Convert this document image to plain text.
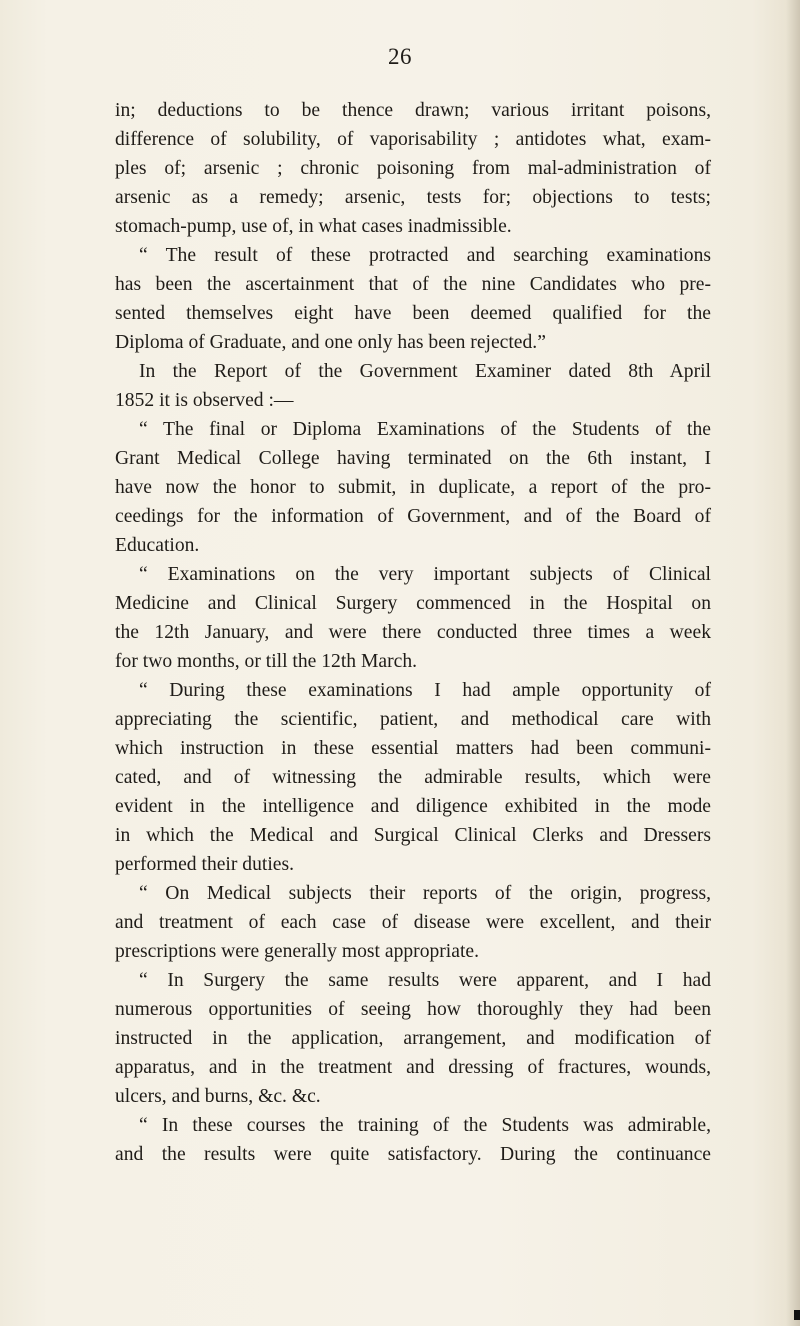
26
in; deductions to be thence drawn; various irritant poisons,
difference of solubility, of vaporisability ; antidotes what, exam-
ples of; arsenic ; chronic poisoning from mal-administration of
arsenic as a remedy; arsenic, tests for; objections to tests;
stomach-pump, use of, in what cases inadmissible.
“ The result of these protracted and searching examinations
has been the ascertainment that of the nine Candidates who pre-
sented themselves eight have been deemed qualified for the
Diploma of Graduate, and one only has been rejected.”
In the Report of the Government Examiner dated 8th April
1852 it is observed :—
“ The final or Diploma Examinations of the Students of the
Grant Medical College having terminated on the 6th instant, I
have now the honor to submit, in duplicate, a report of the pro-
ceedings for the information of Government, and of the Board of
Education.
“ Examinations on the very important subjects of Clinical
Medicine and Clinical Surgery commenced in the Hospital on
the 12th January, and were there conducted three times a week
for two months, or till the 12th March.
“ During these examinations I had ample opportunity of
appreciating the scientific, patient, and methodical care with
which instruction in these essential matters had been communi-
cated, and of witnessing the admirable results, which were
evident in the intelligence and diligence exhibited in the mode
in which the Medical and Surgical Clinical Clerks and Dressers
performed their duties.
“ On Medical subjects their reports of the origin, progress,
and treatment of each case of disease were excellent, and their
prescriptions were generally most appropriate.
“ In Surgery the same results were apparent, and I had
numerous opportunities of seeing how thoroughly they had been
instructed in the application, arrangement, and modification of
apparatus, and in the treatment and dressing of fractures, wounds,
ulcers, and burns, &c. &c.
“ In these courses the training of the Students was admirable,
and the results were quite satisfactory. During the continuance
